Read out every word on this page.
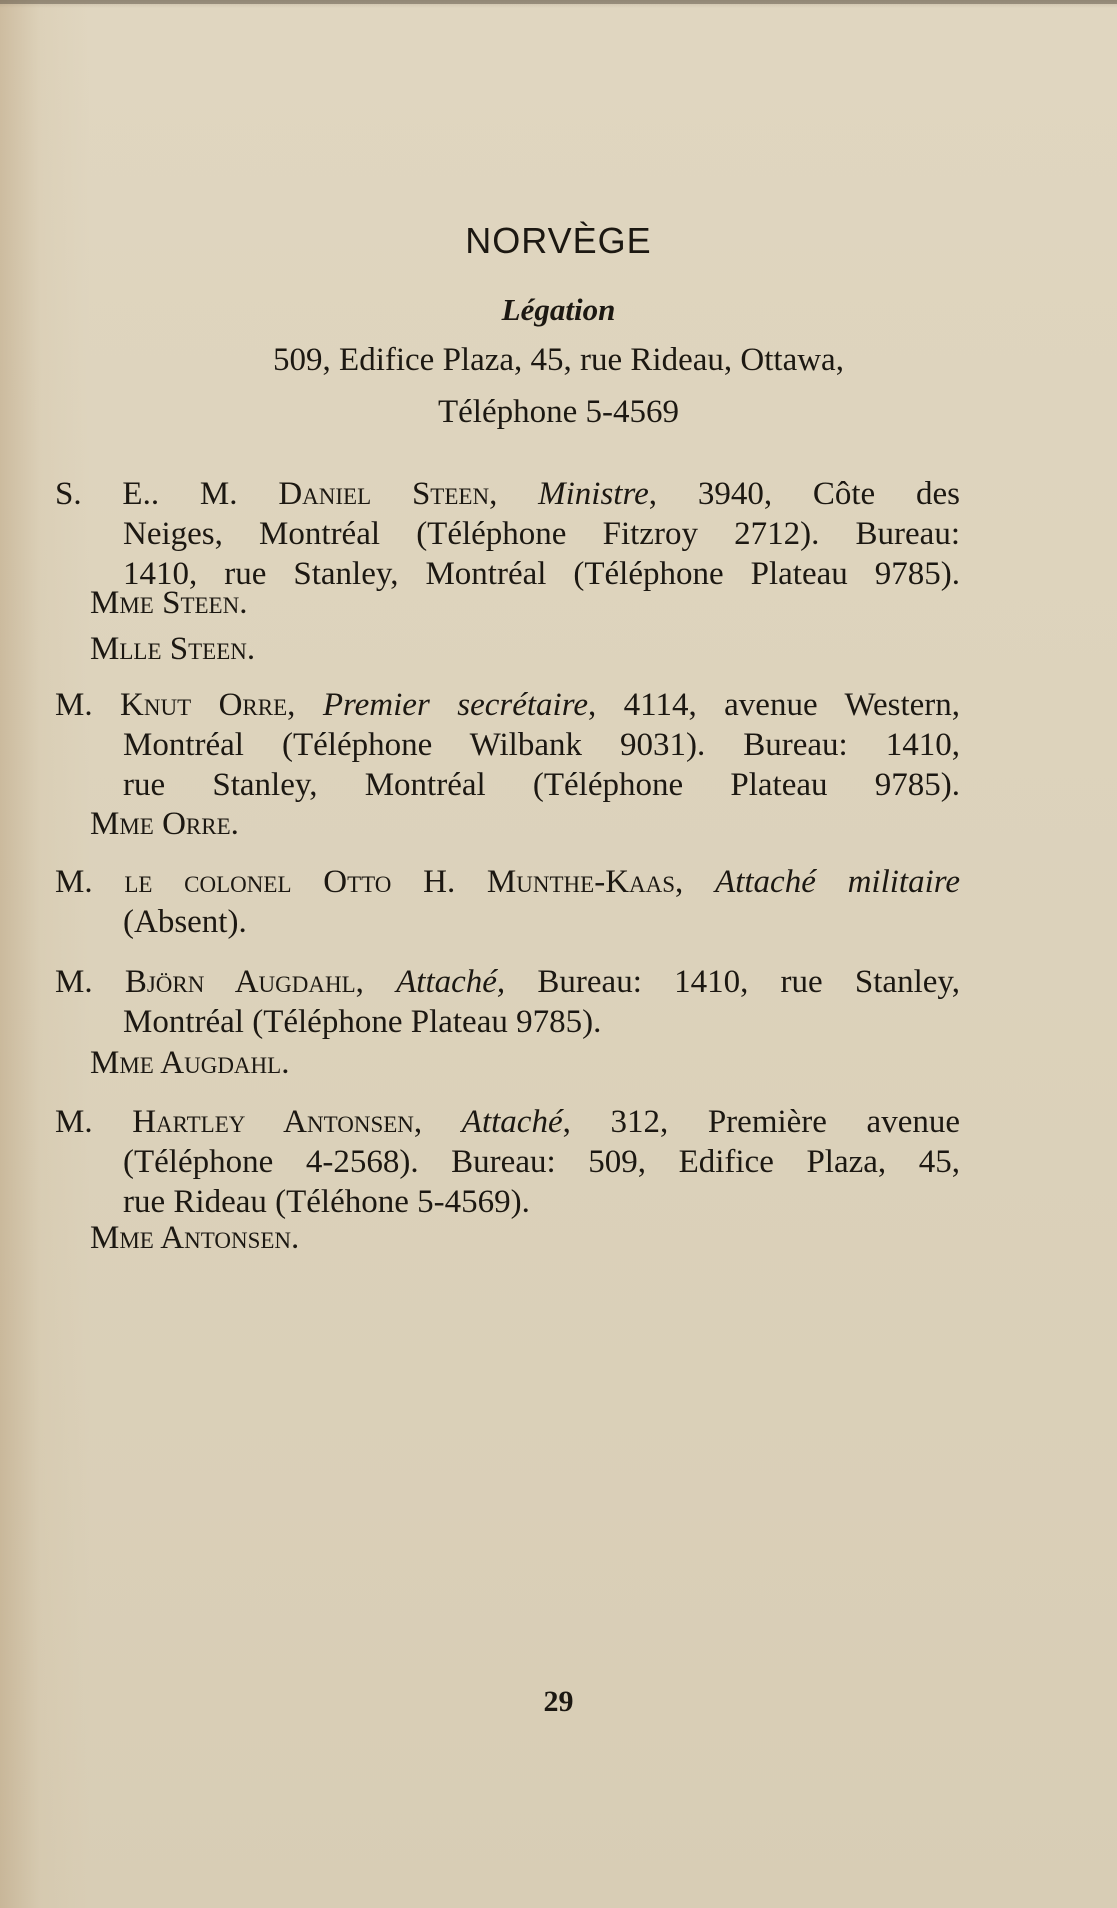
NORVÈGE
Légation
509, Edifice Plaza, 45, rue Rideau, Ottawa,
Téléphone 5-4569
S. E.. M. Daniel Steen, Ministre, 3940, Côte des
Neiges, Montréal (Téléphone Fitzroy 2712). Bureau:
1410, rue Stanley, Montréal (Téléphone Plateau 9785).
Mme Steen.
Mlle Steen.
M. Knut Orre, Premier secrétaire, 4114, avenue Western,
Montréal (Téléphone Wilbank 9031). Bureau: 1410,
rue Stanley, Montréal (Téléphone Plateau 9785).
Mme Orre.
M. le colonel Otto H. Munthe-Kaas, Attaché militaire
(Absent).
M. Björn Augdahl, Attaché, Bureau: 1410, rue Stanley,
Montréal (Téléphone Plateau 9785).
Mme Augdahl.
M. Hartley Antonsen, Attaché, 312, Première avenue
(Téléphone 4-2568). Bureau: 509, Edifice Plaza, 45,
rue Rideau (Téléhone 5-4569).
Mme Antonsen.
29
